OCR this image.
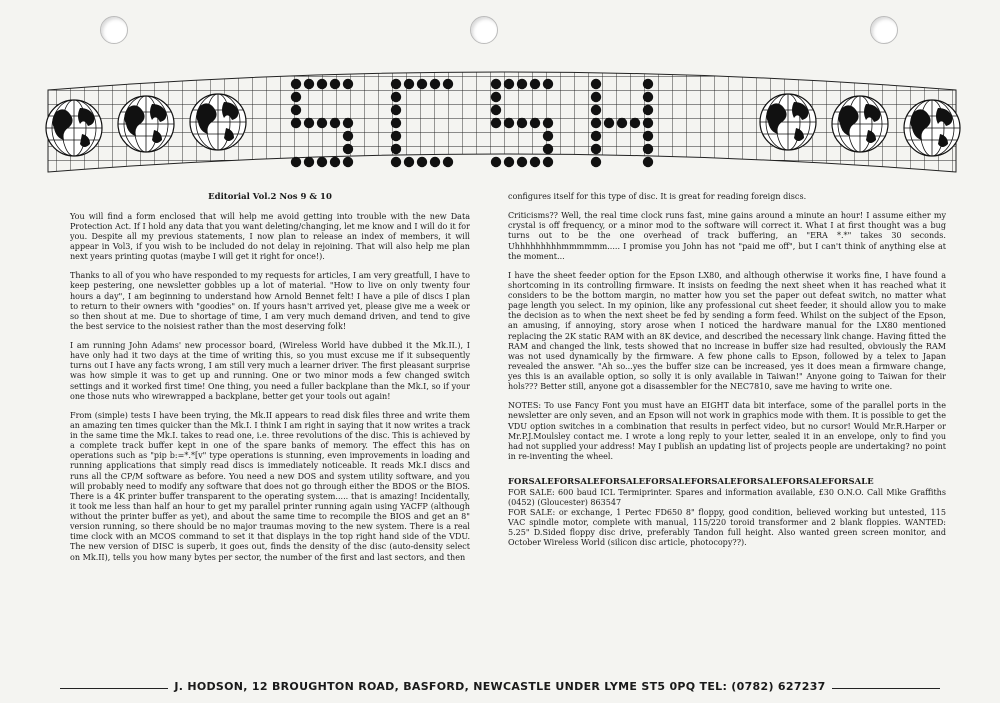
Editorial Vol.2 Nos 9 & 10

You will find a form enclosed that will help me avoid getting into trouble with the new Data Protection Act. If I hold any data that you want deleting/changing, let me know and I will do it for you. Despite all my previous statements, I now plan to release an index of members, it will appear in Vol3, if you wish to be included do not delay in rejoining. That will also help me plan next years printing quotas (maybe I will get it right for once!).

Thanks to all of you who have responded to my requests for articles, I am very greatfull, I have to keep pestering, one newsletter gobbles up a lot of material. "How to live on only twenty four hours a day", I am beginning to understand how Arnold Bennet felt! I have a pile of discs I plan to return to their owners with "goodies" on. If yours hasn't arrived yet, please give me a week or so then shout at me. Due to shortage of time, I am very much demand driven, and tend to give the best service to the noisiest rather than the most deserving folk!

I am running John Adams' new processor board, (Wireless World have dubbed it the Mk.II.), I have only had it two days at the time of writing this, so you must excuse me if it subsequently turns out I have any facts wrong, I am still very much a learner driver. The first pleasant surprise was how simple it was to get up and running. One or two minor mods a few changed switch settings and it worked first time! One thing, you need a fuller backplane than the Mk.I, so if your one those nuts who wirewrapped a backplane, better get your tools out again!

From (simple) tests I have been trying, the Mk.II appears to read disk files three and write them an amazing ten times quicker than the Mk.I. I think I am right in saying that it now writes a track in the same time the Mk.I. takes to read one, i.e. three revolutions of the disc. This is achieved by a complete track buffer kept in one of the spare banks of memory. The effect this has on operations such as "pip b:=*.*[v" type operations is stunning, even improvements in loading and running applications that simply read discs is immediately noticeable. It reads Mk.I discs and runs all the CP/M software as before. You need a new DOS and system utility software, and you will probably need to modify any software that does not go through either the BDOS or the BIOS. There is a 4K printer buffer transparent to the operating system..... that is amazing! Incidentally, it took me less than half an hour to get my parallel printer running again using YACFP (although without the printer buffer as yet), and about the same time to recompile the BIOS and get an 8" version running, so there should be no major traumas moving to the new system. There is a real time clock with an MCOS command to set it that displays in the top right hand side of the VDU. The new version of DISC is superb, it goes out, finds the density of the disc (auto-density select on Mk.II), tells you how many bytes per sector, the number of the first and last sectors, and then

configures itself for this type of disc. It is great for reading foreign discs.

Criticisms?? Well, the real time clock runs fast, mine gains around a minute an hour! I assume either my crystal is off frequency, or a minor mod to the software will correct it. What I at first thought was a bug turns out to be the one overhead of track buffering, an "ERA *.*" takes 30 seconds. Uhhhhhhhhhmmmmmm..... I promise you John has not "paid me off", but I can't think of anything else at the moment...

I have the sheet feeder option for the Epson LX80, and although otherwise it works fine, I have found a shortcoming in its controlling firmware. It insists on feeding the next sheet when it has reached what it considers to be the bottom margin, no matter how you set the paper out defeat switch, no matter what page length you select. In my opinion, like any professional cut sheet feeder, it should allow you to make the decision as to when the next sheet be fed by sending a form feed. Whilst on the subject of the Epson, an amusing, if annoying, story arose when I noticed the hardware manual for the LX80 mentioned replacing the 2K static RAM with an 8K device, and described the necessary link change. Having fitted the RAM and changed the link, tests showed that no increase in buffer size had resulted, obviously the RAM was not used dynamically by the firmware. A few phone calls to Epson, followed by a telex to Japan revealed the answer. "Ah so...yes the buffer size can be increased, yes it does mean a firmware change, yes this is an available option, so solly it is only available in Taiwan!" Anyone going to Taiwan for their hols??? Better still, anyone got a disassembler for the NEC7810, save me having to write one.

NOTES: To use Fancy Font you must have an EIGHT data bit interface, some of the parallel ports in the newsletter are only seven, and an Epson will not work in graphics mode with them. It is possible to get the VDU option switches in a combination that results in perfect video, but no cursor! Would Mr.R.Harper or Mr.P.J.Moulsley contact me. I wrote a long reply to your letter, sealed it in an envelope, only to find you had not supplied your address! May I publish an updating list of projects people are undertaking? no point in re-inventing the wheel.

FORSALEFORSALEFORSALEFORSALEFORSALEFORSALEFORSALEFORSALE

FOR SALE: 600 baud ICL Termiprinter. Spares and information available, £30 O.N.O. Call Mike Graffiths (0452) (Gloucester) 863547

FOR SALE: or exchange, 1 Pertec FD650 8" floppy, good condition, believed working but untested, 115 VAC spindle motor, complete with manual, 115/220 toroid transformer and 2 blank floppies. WANTED: 5.25" D.Sided floppy disc drive, preferably Tandon full height. Also wanted green screen monitor, and October Wireless World (silicon disc article, photocopy??).

J. HODSON, 12 BROUGHTON ROAD, BASFORD, NEWCASTLE UNDER LYME ST5 0PQ TEL: (0782) 627237
